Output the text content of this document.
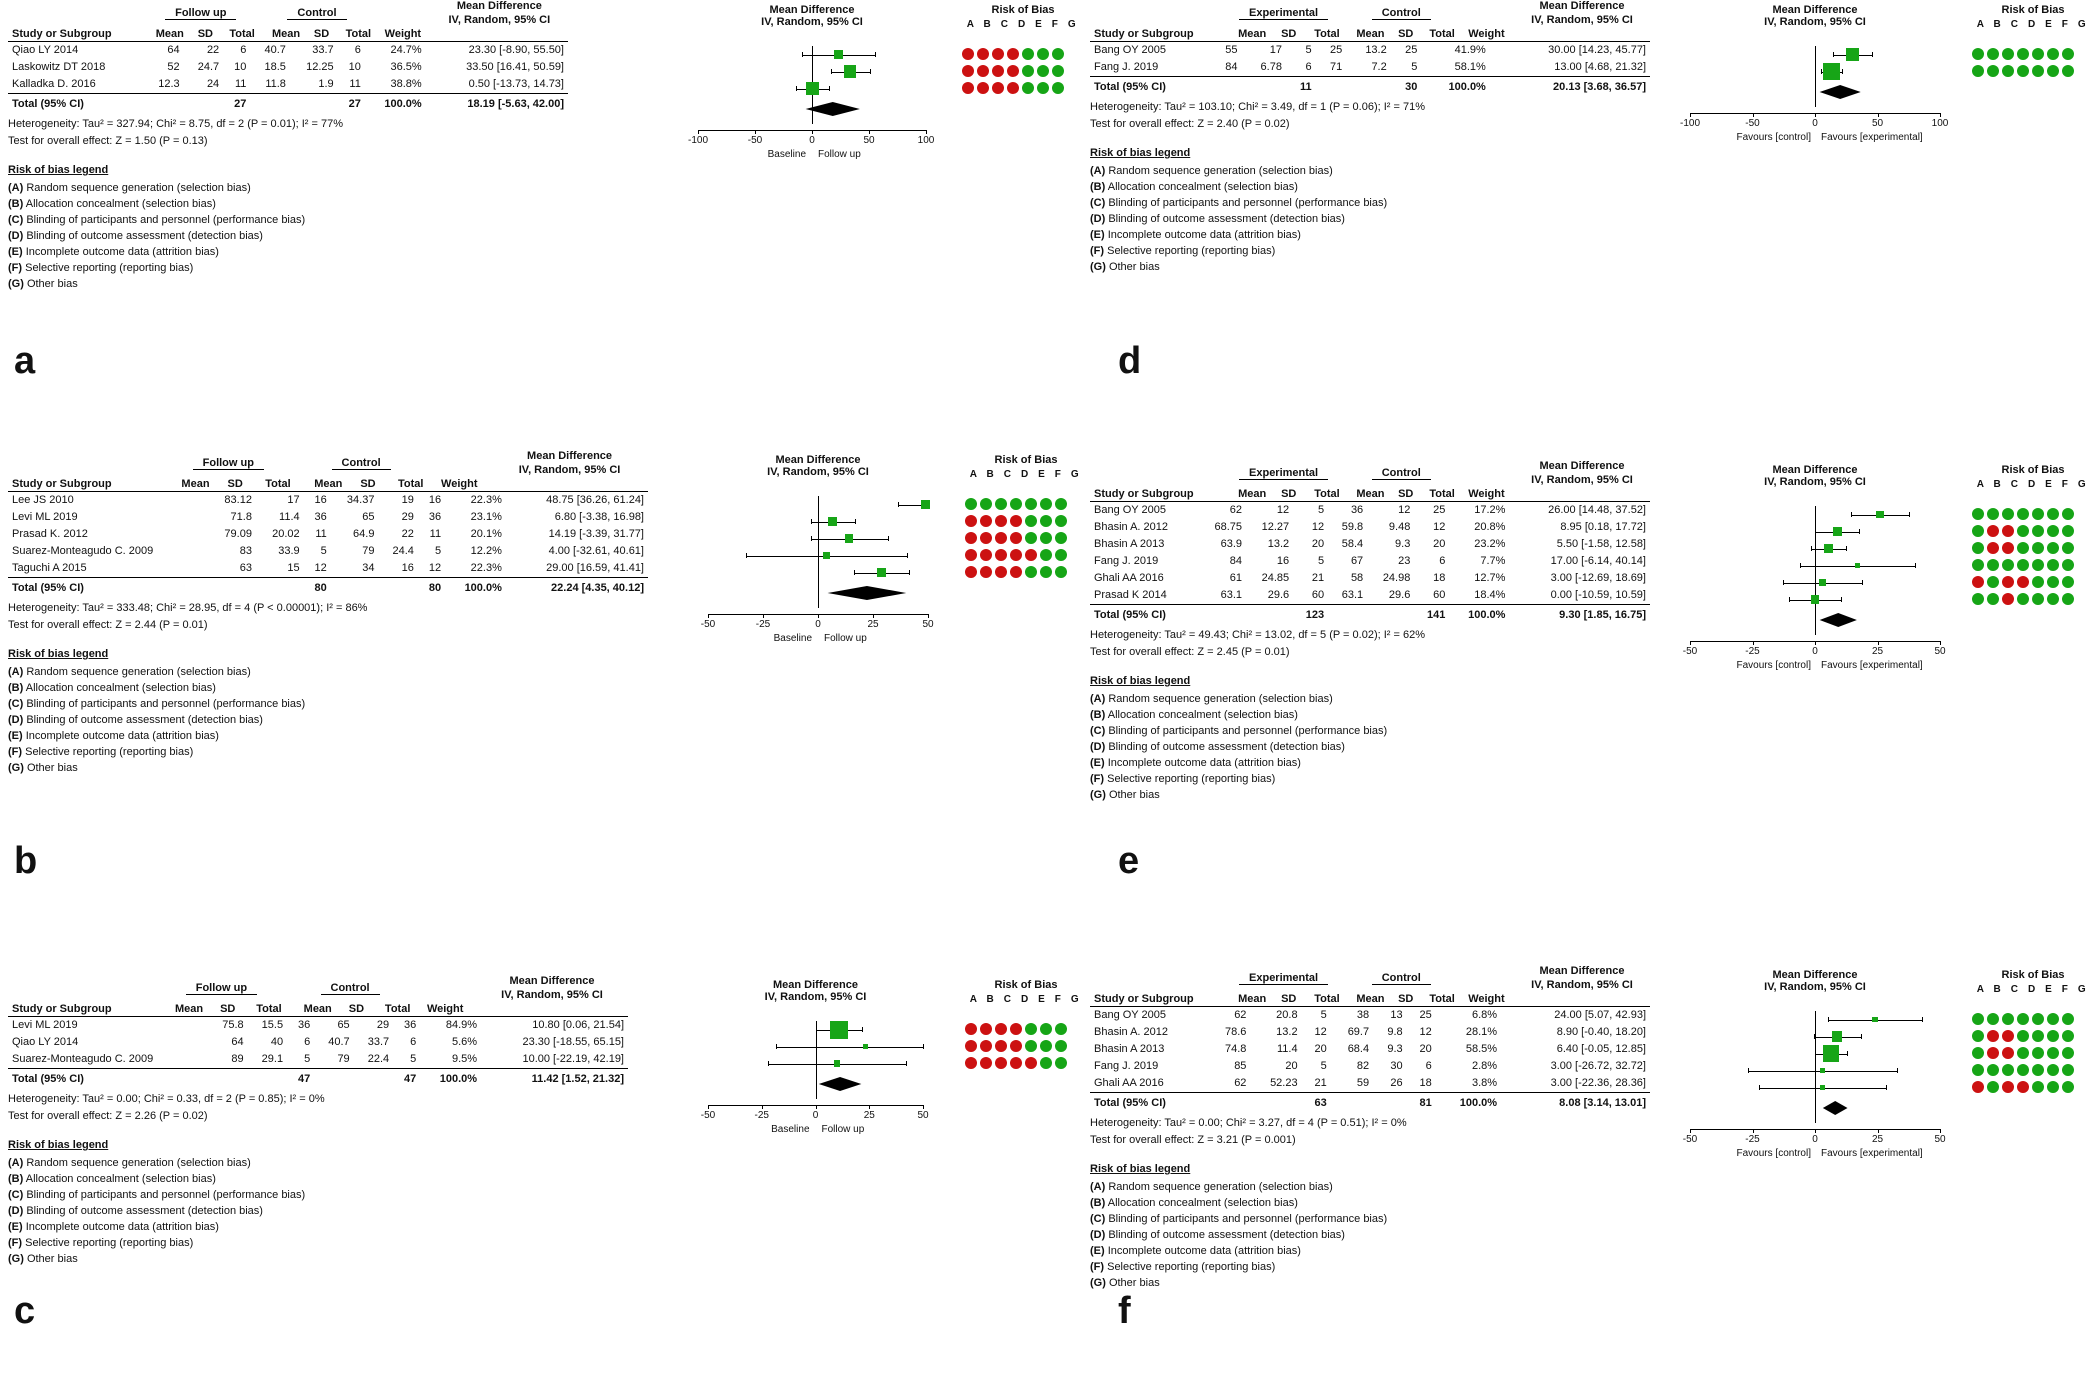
Study or Subgroup	Follow up			Control			Weight	Mean Difference
IV, Random, 95% CI
	Mean	SD	Total	Mean	SD	Total		
Qiao LY 2014	64	22	6	40.7	33.7	6	24.7%	23.30 [-8.90, 55.50]
Laskowitz DT 2018	52	24.7	10	18.5	12.25	10	36.5%	33.50 [16.41, 50.59]
Kalladka D. 2016	12.3	24	11	11.8	1.9	11	38.8%	0.50 [-13.73, 14.73]
Total (95% CI)			27			27	100.0%	18.19 [-5.63, 42.00]
Heterogeneity: Tau² = 327.94; Chi² = 8.75, df = 2 (P = 0.01); I² = 77%
Test for overall effect: Z = 1.50 (P = 0.13)
Risk of bias legend
(A) Random sequence generation (selection bias)
(B) Allocation concealment (selection bias)
(C) Blinding of participants and personnel (performance bias)
(D) Blinding of outcome assessment (detection bias)
(E) Incomplete outcome data (attrition bias)
(F) Selective reporting (reporting bias)
(G) Other bias
Mean Difference
IV, Random, 95% CI
-100	-50	0	50	100
Baseline Follow up
Risk of Bias
A B C D E F G
a
Study or Subgroup	Follow up			Control			Weight	Mean Difference
IV, Random, 95% CI
	Mean	SD	Total	Mean	SD	Total		
Lee JS 2010	83.12	17	16	34.37	19	16	22.3%	48.75 [36.26, 61.24]
Levi ML 2019	71.8	11.4	36	65	29	36	23.1%	6.80 [-3.38, 16.98]
Prasad K. 2012	79.09	20.02	11	64.9	22	11	20.1%	14.19 [-3.39, 31.77]
Suarez-Monteagudo C. 2009	83	33.9	5	79	24.4	5	12.2%	4.00 [-32.61, 40.61]
Taguchi A 2015	63	15	12	34	16	12	22.3%	29.00 [16.59, 41.41]
Total (95% CI)			80			80	100.0%	22.24 [4.35, 40.12]
Heterogeneity: Tau² = 333.48; Chi² = 28.95, df = 4 (P < 0.00001); I² = 86%
Test for overall effect: Z = 2.44 (P = 0.01)
Risk of bias legend
(A) Random sequence generation (selection bias)
(B) Allocation concealment (selection bias)
(C) Blinding of participants and personnel (performance bias)
(D) Blinding of outcome assessment (detection bias)
(E) Incomplete outcome data (attrition bias)
(F) Selective reporting (reporting bias)
(G) Other bias
Mean Difference
IV, Random, 95% CI
-50	-25	0	25	50
Baseline Follow up
Risk of Bias
A B C D E F G
b
Study or Subgroup	Follow up			Control			Weight	Mean Difference
IV, Random, 95% CI
	Mean	SD	Total	Mean	SD	Total		
Levi ML 2019	75.8	15.5	36	65	29	36	84.9%	10.80 [0.06, 21.54]
Qiao LY 2014	64	40	6	40.7	33.7	6	5.6%	23.30 [-18.55, 65.15]
Suarez-Monteagudo C. 2009	89	29.1	5	79	22.4	5	9.5%	10.00 [-22.19, 42.19]
Total (95% CI)			47			47	100.0%	11.42 [1.52, 21.32]
Heterogeneity: Tau² = 0.00; Chi² = 0.33, df = 2 (P = 0.85); I² = 0%
Test for overall effect: Z = 2.26 (P = 0.02)
Risk of bias legend
(A) Random sequence generation (selection bias)
(B) Allocation concealment (selection bias)
(C) Blinding of participants and personnel (performance bias)
(D) Blinding of outcome assessment (detection bias)
(E) Incomplete outcome data (attrition bias)
(F) Selective reporting (reporting bias)
(G) Other bias
Mean Difference
IV, Random, 95% CI
-50	-25	0	25	50
Baseline Follow up
Risk of Bias
A B C D E F G
c
Study or Subgroup	Experimental			Control			Weight	Mean Difference
IV, Random, 95% CI
	Mean	SD	Total	Mean	SD	Total		
Bang OY 2005	55	17	5	25	13.2	25	41.9%	30.00 [14.23, 45.77]
Fang J. 2019	84	6.78	6	71	7.2	5	58.1%	13.00 [4.68, 21.32]
Total (95% CI)			11			30	100.0%	20.13 [3.68, 36.57]
Heterogeneity: Tau² = 103.10; Chi² = 3.49, df = 1 (P = 0.06); I² = 71%
Test for overall effect: Z = 2.40 (P = 0.02)
Risk of bias legend
(A) Random sequence generation (selection bias)
(B) Allocation concealment (selection bias)
(C) Blinding of participants and personnel (performance bias)
(D) Blinding of outcome assessment (detection bias)
(E) Incomplete outcome data (attrition bias)
(F) Selective reporting (reporting bias)
(G) Other bias
Mean Difference
IV, Random, 95% CI
-100	-50	0	50	100
Favours [control] Favours [experimental]
Risk of Bias
A B C D E F G
d
Study or Subgroup	Experimental			Control			Weight	Mean Difference
IV, Random, 95% CI
	Mean	SD	Total	Mean	SD	Total		
Bang OY 2005	62	12	5	36	12	25	17.2%	26.00 [14.48, 37.52]
Bhasin A. 2012	68.75	12.27	12	59.8	9.48	12	20.8%	8.95 [0.18, 17.72]
Bhasin A 2013	63.9	13.2	20	58.4	9.3	20	23.2%	5.50 [-1.58, 12.58]
Fang J. 2019	84	16	5	67	23	6	7.7%	17.00 [-6.14, 40.14]
Ghali AA 2016	61	24.85	21	58	24.98	18	12.7%	3.00 [-12.69, 18.69]
Prasad K 2014	63.1	29.6	60	63.1	29.6	60	18.4%	0.00 [-10.59, 10.59]
Total (95% CI)			123			141	100.0%	9.30 [1.85, 16.75]
Heterogeneity: Tau² = 49.43; Chi² = 13.02, df = 5 (P = 0.02); I² = 62%
Test for overall effect: Z = 2.45 (P = 0.01)
Risk of bias legend
(A) Random sequence generation (selection bias)
(B) Allocation concealment (selection bias)
(C) Blinding of participants and personnel (performance bias)
(D) Blinding of outcome assessment (detection bias)
(E) Incomplete outcome data (attrition bias)
(F) Selective reporting (reporting bias)
(G) Other bias
Mean Difference
IV, Random, 95% CI
-50	-25	0	25	50
Favours [control] Favours [experimental]
Risk of Bias
A B C D E F G
e
Study or Subgroup	Experimental			Control			Weight	Mean Difference
IV, Random, 95% CI
	Mean	SD	Total	Mean	SD	Total		
Bang OY 2005	62	20.8	5	38	13	25	6.8%	24.00 [5.07, 42.93]
Bhasin A. 2012	78.6	13.2	12	69.7	9.8	12	28.1%	8.90 [-0.40, 18.20]
Bhasin A 2013	74.8	11.4	20	68.4	9.3	20	58.5%	6.40 [-0.05, 12.85]
Fang J. 2019	85	20	5	82	30	6	2.8%	3.00 [-26.72, 32.72]
Ghali AA 2016	62	52.23	21	59	26	18	3.8%	3.00 [-22.36, 28.36]
Total (95% CI)			63			81	100.0%	8.08 [3.14, 13.01]
Heterogeneity: Tau² = 0.00; Chi² = 3.27, df = 4 (P = 0.51); I² = 0%
Test for overall effect: Z = 3.21 (P = 0.001)
Risk of bias legend
(A) Random sequence generation (selection bias)
(B) Allocation concealment (selection bias)
(C) Blinding of participants and personnel (performance bias)
(D) Blinding of outcome assessment (detection bias)
(E) Incomplete outcome data (attrition bias)
(F) Selective reporting (reporting bias)
(G) Other bias
Mean Difference
IV, Random, 95% CI
-50	-25	0	25	50
Favours [control] Favours [experimental]
Risk of Bias
A B C D E F G
f
